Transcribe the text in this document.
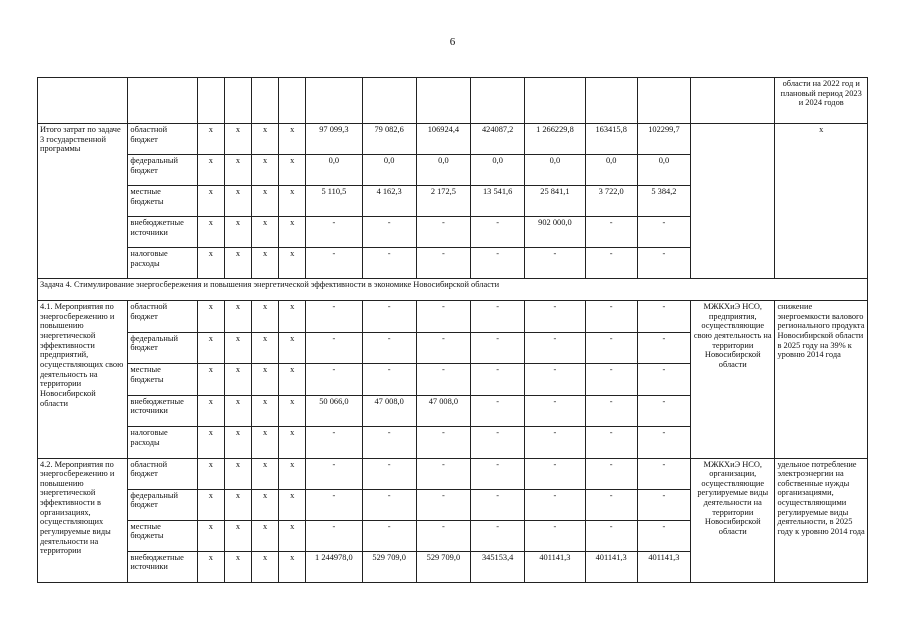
6
														области на 2022 год и плановый период 2023 и 2024 годов
Итого затрат по задаче 3 государственной программы	областной бюджет	х	х	х	х	97 099,3	79 082,6	106924,4	424087,2	1 266229,8	163415,8	102299,7		х
	федеральный бюджет	х	х	х	х	0,0	0,0	0,0	0,0	0,0	0,0	0,0		
	местные бюджеты	х	х	х	х	5 110,5	4 162,3	2 172,5	13 541,6	25 841,1	3 722,0	5 384,2		
	внебюджетные источники	х	х	х	х	-	-	-	-	902 000,0	-	-		
	налоговые расходы	х	х	х	х	-	-	-	-	-	-	-		
Задача 4. Стимулирование энергосбережения и повышения энергетической эффективности в экономике Новосибирской области														
4.1. Мероприятия по энергосбережению и повышению энергетической эффективности предприятий, осуществляющих свою деятельность на территории Новосибирской области	областной бюджет	х	х	х	х	-	-	-	-	-	-	-	МЖКХиЭ НСО, предприятия, осуществляющие свою деятельность на территории Новосибирской области	снижение энергоемкости валового регионального продукта Новосибирской области в 2025 году на 39% к уровню 2014 года
	федеральный бюджет	х	х	х	х	-	-	-	-	-	-	-		
	местные бюджеты	х	х	х	х	-	-	-	-	-	-	-		
	внебюджетные источники	х	х	х	х	50 066,0	47 008,0	47 008,0	-	-	-	-		
	налоговые расходы	х	х	х	х	-	-	-	-	-	-	-		
4.2. Мероприятия по энергосбережению и повышению энергетической эффективности в организациях, осуществляющих регулируемые виды деятельности на территории	областной бюджет	х	х	х	х	-	-	-	-	-	-	-	МЖКХиЭ НСО, организации, осуществляющие регулируемые виды деятельности на территории Новосибирской области	удельное потребление электроэнергии на собственные нужды организациями, осуществляющими регулируемые виды деятельности, в 2025 году к уровню 2014 года
	федеральный бюджет	х	х	х	х	-	-	-	-	-	-	-		
	местные бюджеты	х	х	х	х	-	-	-	-	-	-	-		
	внебюджетные источники	х	х	х	х	1 244978,0	529 709,0	529 709,0	345153,4	401141,3	401141,3	401141,3		
